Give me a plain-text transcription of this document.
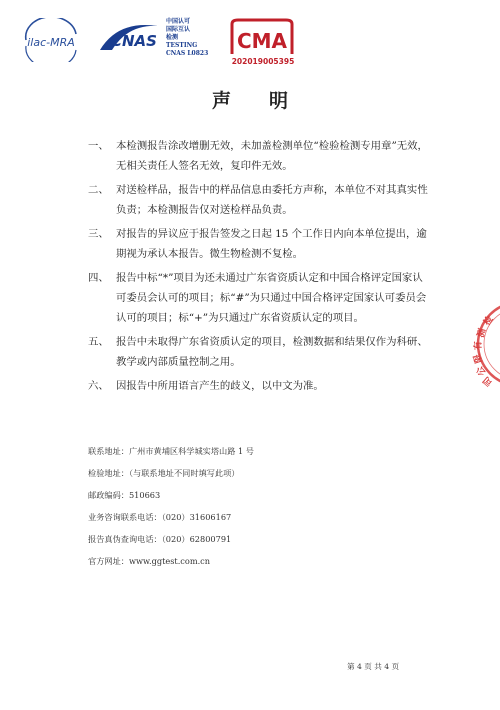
ilac-MRA CNAS
中国认可
国际互认
检测
TESTING
CNAS L0823
CMA
202019005395
声明
一、 本检测报告涂改增删无效，未加盖检测单位“检验检测专用章”无效，无相关责任人签名无效，复印件无效。
二、 对送检样品，报告中的样品信息由委托方声称，本单位不对其真实性负责；本检测报告仅对送检样品负责。
三、 对报告的异议应于报告签发之日起 15 个工作日内向本单位提出，逾期视为承认本报告。微生物检测不复检。
四、 报告中标“*”项目为还未通过广东省资质认定和中国合格评定国家认可委员会认可的项目；标“#”为只通过中国合格评定国家认可委员会认可的项目；标“+”为只通过广东省资质认定的项目。
五、 报告中未取得广东省资质认定的项目，检测数据和结果仅作为科研、教学或内部质量控制之用。
六、 因报告中所用语言产生的歧义，以中文为准。
联系地址：广州市黄埔区科学城实塔山路 1 号
检验地址：（与联系地址不同时填写此项）
邮政编码：510663
业务咨询联系电话：（020）31606167
报告真伪查询电话：（020）62800791
官方网址：www.ggtest.com.cn
第 4 页 共 4 页
检
测
有
限
公
司
